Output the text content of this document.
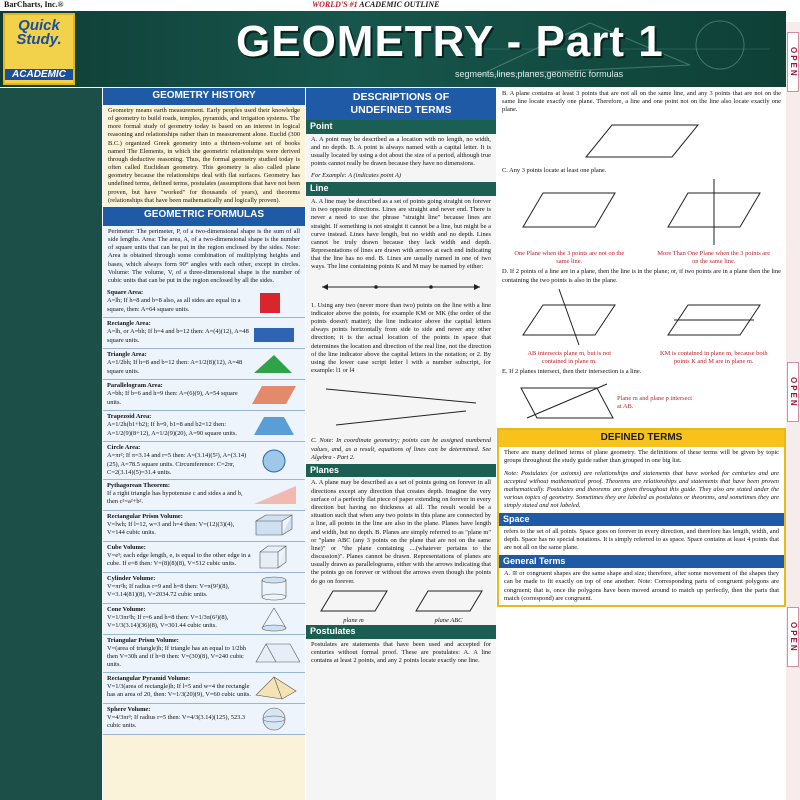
BarCharts, Inc.®	WORLD'S #1 ACADEMIC OUTLINE
Quick
Study.
ACADEMIC
GEOMETRY - Part 1
segments,lines,planes,geometric formulas	OPEN
OPEN
OPEN
GEOMETRY HISTORY
Geometry means earth measurement. Early peoples used their knowledge of geometry to build roads, temples, pyramids, and irrigation systems. The more formal study of geometry today is based on an interest in logical reasoning and relationships rather than in measurement alone. Euclid (300 B.C.) organized Greek geometry into a thirteen-volume set of books named The Elements, in which the geometric relationships were derived through deductive reasoning. Thus, the formal geometry studied today is often called Euclidean geometry. This geometry is also called plane geometry because the relationships deal with flat surfaces. Geometry has undefined terms, defined terms, postulates (assumptions that have not been proven, but have "worked" for thousands of years), and theorems (relationships that have been mathematically and logically proven).
GEOMETRIC FORMULAS
Perimeter: The perimeter, P, of a two-dimensional shape is the sum of all side lengths. Area: The area, A, of a two-dimensional shape is the number of square units that can be put in the region enclosed by the sides. Note: Area is obtained through some combination of multiplying heights and bases, which always form 90° angles with each other, except in circles. Volume: The volume, V, of a three-dimensional shape is the number of cubic units that can be put in the region enclosed by all the sides.
Square Area:
A=lh; If h=8 and b=8 also, as all sides are equal in a square, then: A=64 square units.
Rectangle Area:
A=lh, or A=bh; If h=4 and b=12 then: A=(4)(12), A=48 square units.
Triangle Area:
A=1/2bh; If h=8 and b=12 then: A=1/2(8)(12), A=48 square units.
Parallelogram Area:
A=bh; If b=6 and h=9 then: A=(6)(9), A=54 square units.
Trapezoid Area:
A=1/2h(b1+b2); If h=9, b1=8 and b2=12 then: A=1/2(9)(8+12), A=1/2(9)(20), A=90 square units.
Circle Area:
A=πr²; If π=3.14 and r=5 then: A=(3.14)(5²), A=(3.14)(25), A=78.5 square units. Circumference: C=2πr, C=2(3.14)(5)=31.4 units.
Pythagorean Theorem:
If a right triangle has hypotenuse c and sides a and b, then c²=a²+b².
Rectangular Prism Volume:
V=lwh; If l=12, w=3 and h=4 then: V=(12)(3)(4), V=144 cubic units.
Cube Volume:
V=e³; each edge length, e, is equal to the other edge in a cube. If e=8 then: V=(8)(8)(8), V=512 cubic units.
Cylinder Volume:
V=πr²h; If radius r=9 and h=8 then: V=π(9²)(8), V=3.14(81)(8), V=2034.72 cubic units.
Cone Volume:
V=1/3πr²h; If r=6 and h=8 then: V=1/3π(6²)(8), V=1/3(3.14)(36)(8), V=301.44 cubic units.
Triangular Prism Volume:
V=(area of triangle)h; If triangle has an equal to 1/2bh then V=30h and if h=8 then: V=(30)(8), V=240 cubic units.
Rectangular Pyramid Volume:
V=1/3(area of rectangle)h; If l=5 and w=4 the rectangle has an area of 20, then: V=1/3(20)(9), V=60 cubic units.
Sphere Volume:
V=4/3πr³; If radius r=5 then: V=4/3(3.14)(125), 523.3 cubic units.
DESCRIPTIONS OF
UNDEFINED TERMS
Point
A. A point may be described as a location with no length, no width, and no depth. B. A point is always named with a capital letter. It is usually located by using a dot about the size of a period, although true points cannot really be drawn because they have no dimensions.
For Example: A (indicates point A)
Line
A. A line may be described as a set of points going straight on forever in two opposite directions. Lines are straight and never end. There is never a need to use the phrase "straight line" because lines are straight. If something is not straight it cannot be a line, but might be a curve instead. Lines have length, but no width and no depth. Lines cannot be truly drawn because they lack width and depth. Representations of lines are drawn with arrows at each end indicating that the line has no end. B. Lines are usually named in one of two ways. The line containing points K and M may be named by either:
1. Using any two (never more than two) points on the line with a line indicator above the points, for example KM or MK (the order of the points doesn't matter); the line indicator above the capital letters always points horizontally from side to side and never any other direction; it is the actual location of the points in space that determines the location and direction of the real line, not the direction of the line indicator above the capital letters in the notation; or 2. By using the lower case script letter l with a number subscript, for example: l1 or l4
C. Note: In coordinate geometry; points can be assigned numbered values, and, as a result, equations of lines can be determined. See Algebra - Part 2.
Planes
A. A plane may be described as a set of points going on forever in all directions except any direction that creates depth. Imagine the very surface of a perfectly flat piece of paper extending on forever in every direction but having no thickness at all. The result would be a situation such that when any two points in this plane are connected by a line, all points in the line are also in the plane. Planes have length and width, but no depth. B. Planes are simply referred to as "plane m" or "plane ABC (any 3 points on the plane that are not on the same line)" or "the plane containing ....(whatever pertains to the discussion)". Planes cannot be drawn. Representations of planes are usually drawn as parallelograms, either with the arrows indicating that the points go on forever or without the arrows even though the points do go on forever.
plane m	plane ABC
Postulates
Postulates are statements that have been used and accepted for centuries without formal proof. These are postulates: A. A line contains at least 2 points, and any 2 points locate exactly one line.
B. A plane contains at least 3 points that are not all on the same line, and any 3 points that are not on the same line locate exactly one plane. Therefore, a line and one point not on the line also locate exactly one plane.
C. Any 3 points locate at least one plane.
One Plane when the 3 points are not on the same line.
More Than One Plane when the 3 points are on the same line.
D. If 2 points of a line are in a plane, then the line is in the plane; or, if two points are in a plane then the line containing the two points is also in the plane.
AB intersects plane m, but is not contained in plane m.
KM is contained in plane m, because both points K and M are in plane m.
E. If 2 planes intersect, then their intersection is a line.
Plane m and plane p intersect at AB.
DEFINED TERMS
There are many defined terms of plane geometry. The definitions of these terms will be given by topic groups throughout the study guide rather than grouped in one big list.
Note: Postulates (or axioms) are relationships and statements that have worked for centuries and are accepted without mathematical proof. Theorems are relationships and statements that have been proven mathematically. Postulates and theorems are given throughout this guide. They also are stated under the various topics of geometry. Sometimes they are labeled as postulates or theorems, and sometimes they are simply stated and not labeled.
Space
refers to the set of all points. Space goes on forever in every direction, and therefore has length, width, and depth. Space has no special notations. It is simply referred to as space. Space contains at least 4 points that are not all on the same plane.
General Terms
A. ≅ or congruent shapes are the same shape and size; therefore, after some movement of the shapes they can be made to fit exactly on top of one another. Note: Corresponding parts of congruent polygons are congruent; that is, once the polygons have been moved around to match up perfectly, then the parts that match (correspond) are congruent.
